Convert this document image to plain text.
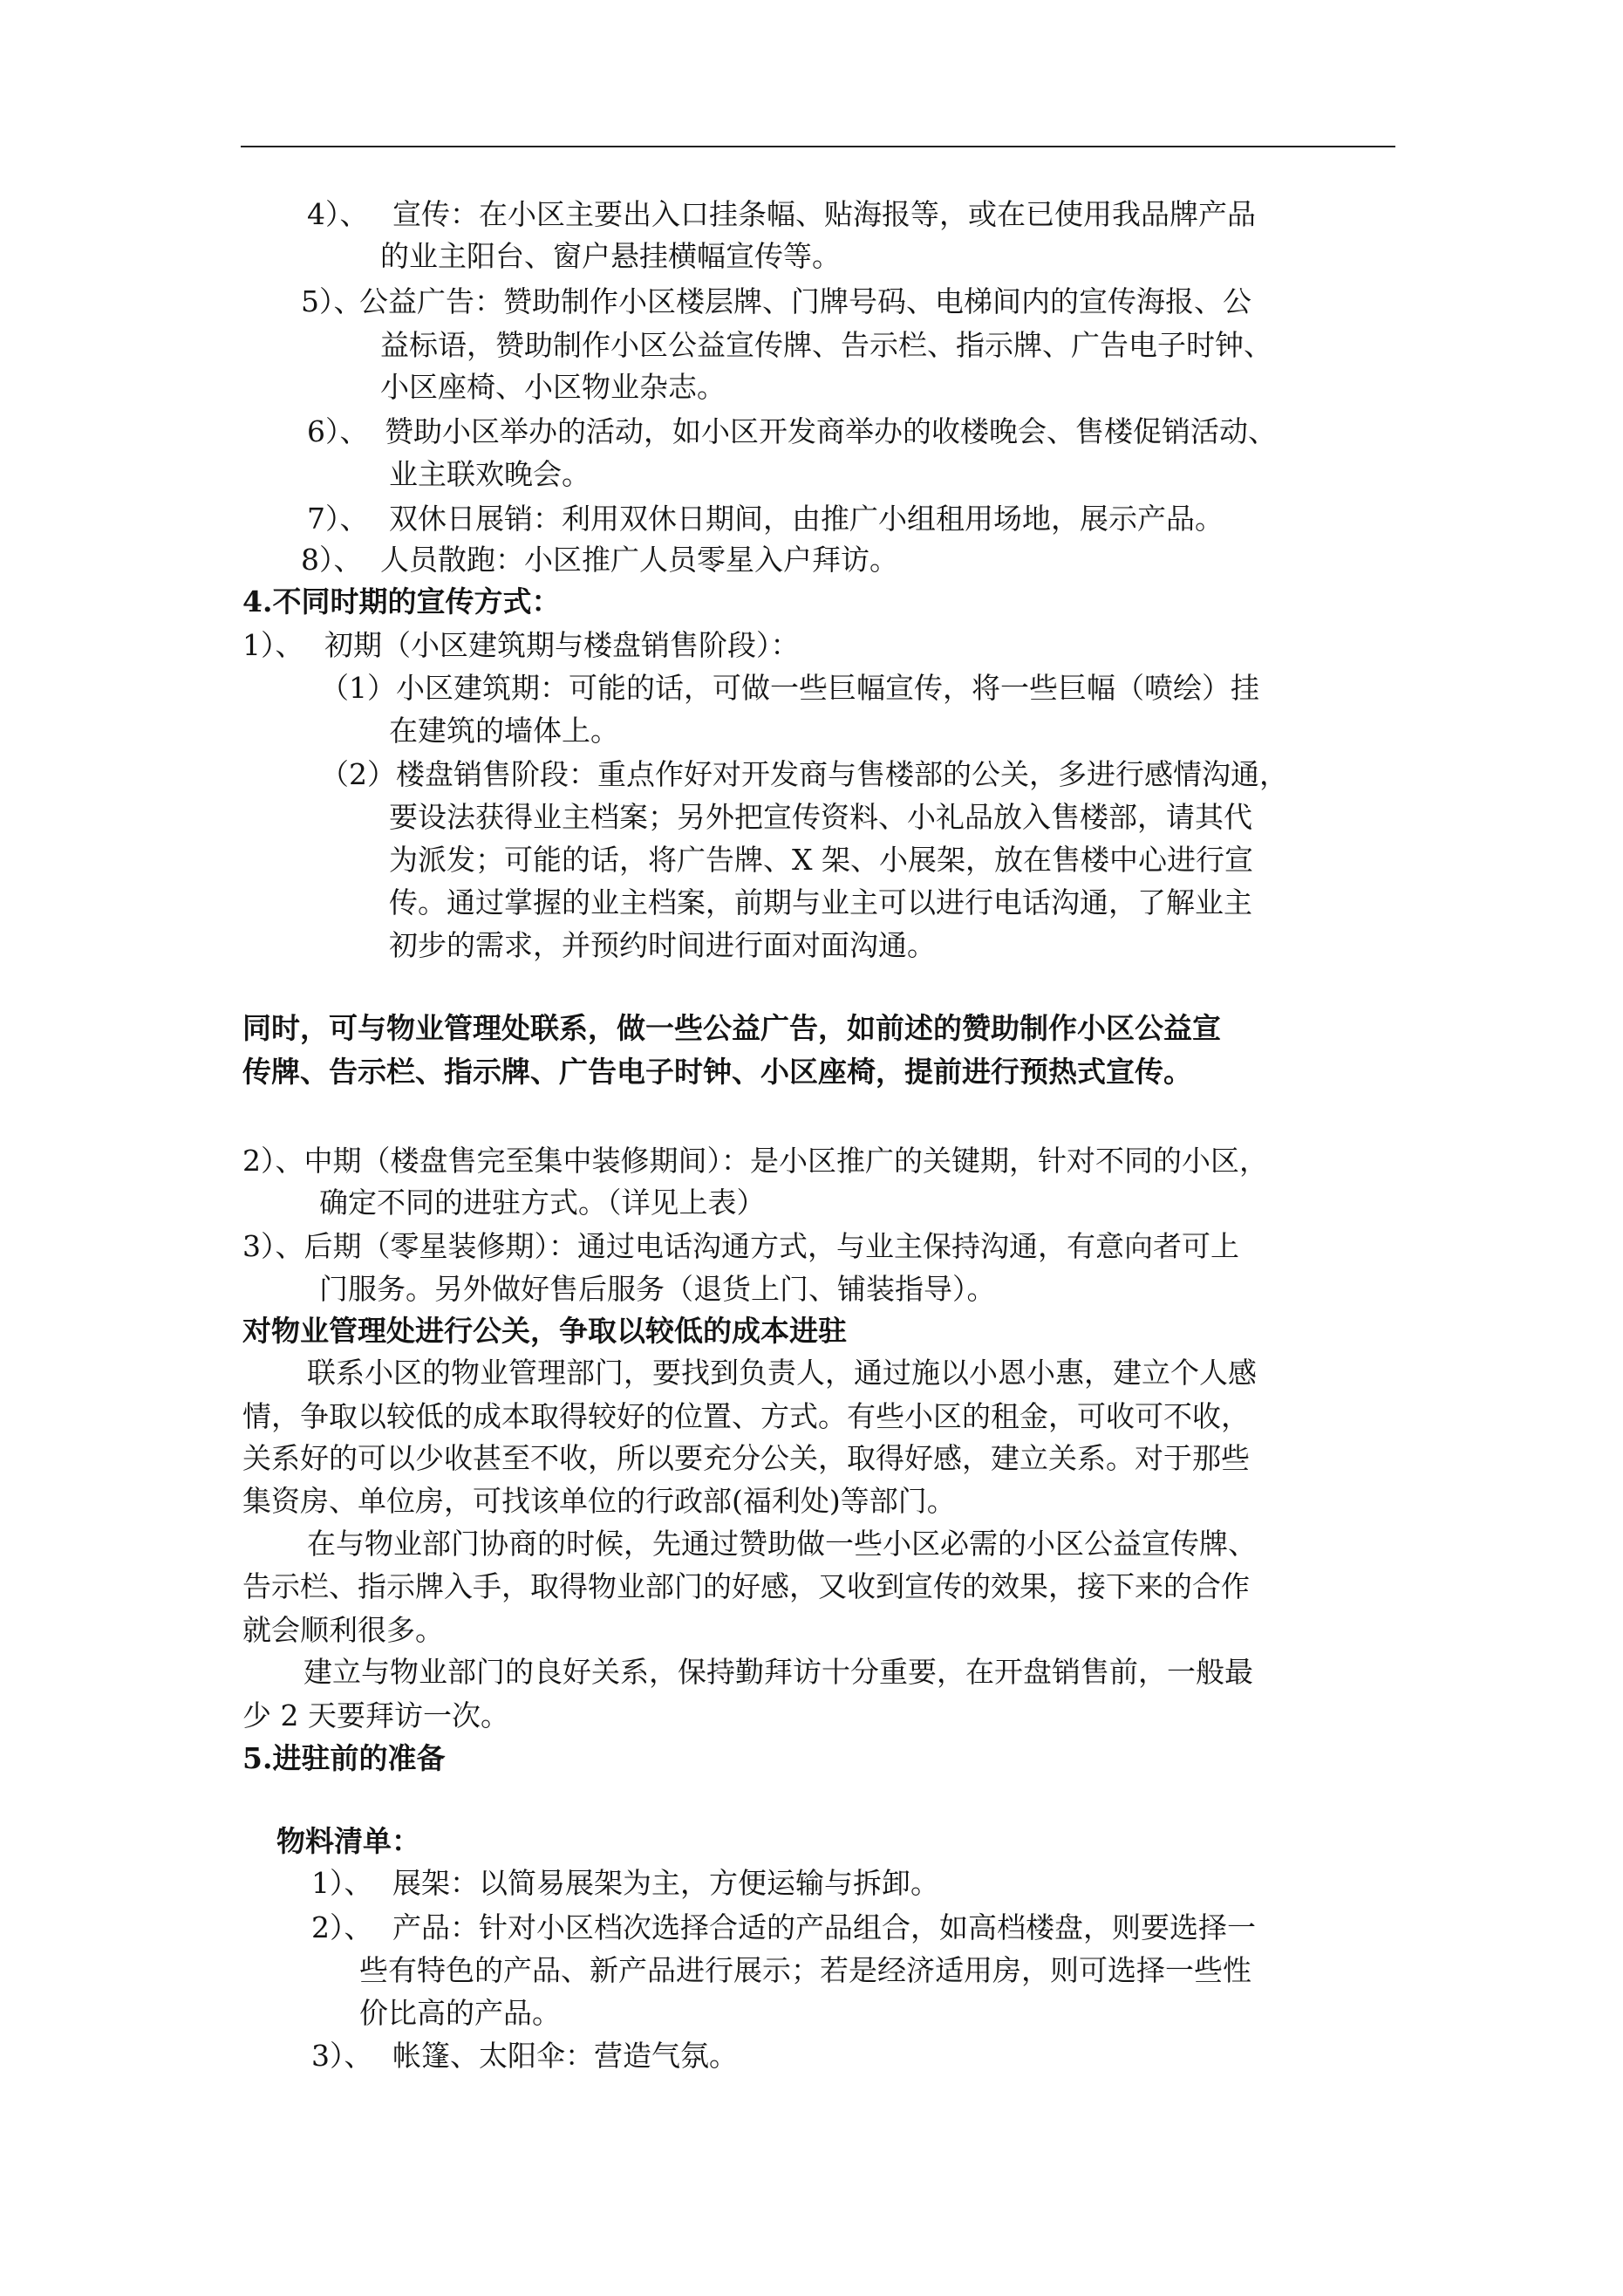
4）、 宣传：在小区主要出入口挂条幅、贴海报等，或在已使用我品牌产品
的业主阳台、窗户悬挂横幅宣传等。
5）、
公益广告：赞助制作小区楼层牌、门牌号码、电梯间内的宣传海报、公
益标语，赞助制作小区公益宣传牌、告示栏、指示牌、广告电子时钟、
小区座椅、小区物业杂志。
6）、 赞助小区举办的活动，如小区开发商举办的收楼晚会、售楼促销活动、
业主联欢晚会。
7）、 双休日展销：利用双休日期间，由推广小组租用场地，展示产品。
8）、 人员散跑：小区推广人员零星入户拜访。
4.不同时期的宣传方式：
1）、 初期（小区建筑期与楼盘销售阶段）：
（1）小区建筑期：可能的话，可做一些巨幅宣传，将一些巨幅（喷绘）挂
在建筑的墙体上。
（2）楼盘销售阶段：重点作好对开发商与售楼部的公关，多进行感情沟通，
要设法获得业主档案；另外把宣传资料、小礼品放入售楼部，请其代
为派发；可能的话，将广告牌、X 架、小展架，放在售楼中心进行宣
传。通过掌握的业主档案，前期与业主可以进行电话沟通，了解业主
初步的需求，并预约时间进行面对面沟通。
同时，可与物业管理处联系，做一些公益广告，如前述的赞助制作小区公益宣
传牌、告示栏、指示牌、广告电子时钟、小区座椅，提前进行预热式宣传。
2）、中期（楼盘售完至集中装修期间）：是小区推广的关键期，针对不同的小区，
确定不同的进驻方式。（详见上表）
3）、后期（零星装修期）：通过电话沟通方式，与业主保持沟通，有意向者可上
门服务。另外做好售后服务（退货上门、铺装指导）。
对物业管理处进行公关，争取以较低的成本进驻
联系小区的物业管理部门，要找到负责人，通过施以小恩小惠，建立个人感
情，争取以较低的成本取得较好的位置、方式。有些小区的租金，可收可不收，
关系好的可以少收甚至不收，所以要充分公关，取得好感，建立关系。对于那些
集资房、单位房，可找该单位的行政部(福利处)等部门。
在与物业部门协商的时候，先通过赞助做一些小区必需的小区公益宣传牌、
告示栏、指示牌入手，取得物业部门的好感，又收到宣传的效果，接下来的合作
就会顺利很多。
建立与物业部门的良好关系，保持勤拜访十分重要，在开盘销售前，一般最
少 2 天要拜访一次。
5.进驻前的准备
物料清单：
1）、 展架：以简易展架为主，方便运输与拆卸。
2）、 产品：针对小区档次选择合适的产品组合，如高档楼盘，则要选择一
些有特色的产品、新产品进行展示；若是经济适用房，则可选择一些性
价比高的产品。
3）、 帐篷、太阳伞：营造气氛。
